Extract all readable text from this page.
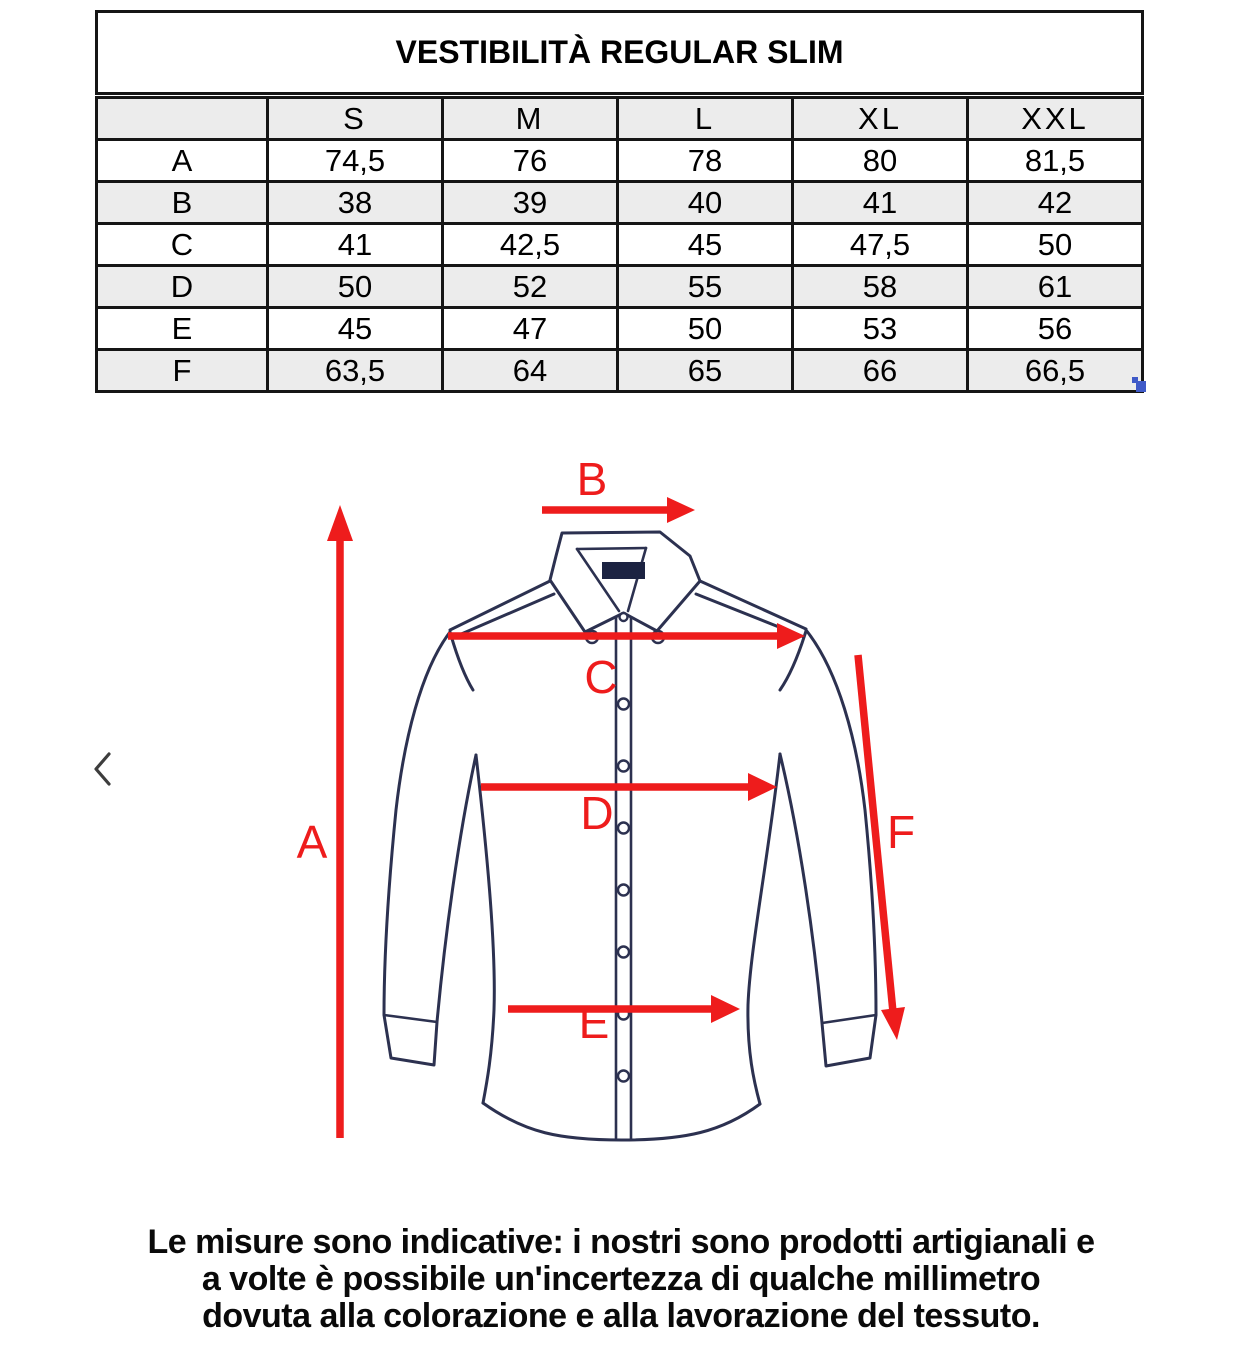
VESTIBILITÀ REGULAR SLIM
	S	M	L	XL	XXL
A	74,5	76	78	80	81,5
B	38	39	40	41	42
C	41	42,5	45	47,5	50
D	50	52	55	58	61
E	45	47	50	53	56
F	63,5	64	65	66	66,5
A
B
C
D
E
F
Le misure sono indicative: i nostri sono prodotti artigianali e
a volte è possibile un'incertezza di qualche millimetro
dovuta alla colorazione e alla lavorazione del tessuto.
